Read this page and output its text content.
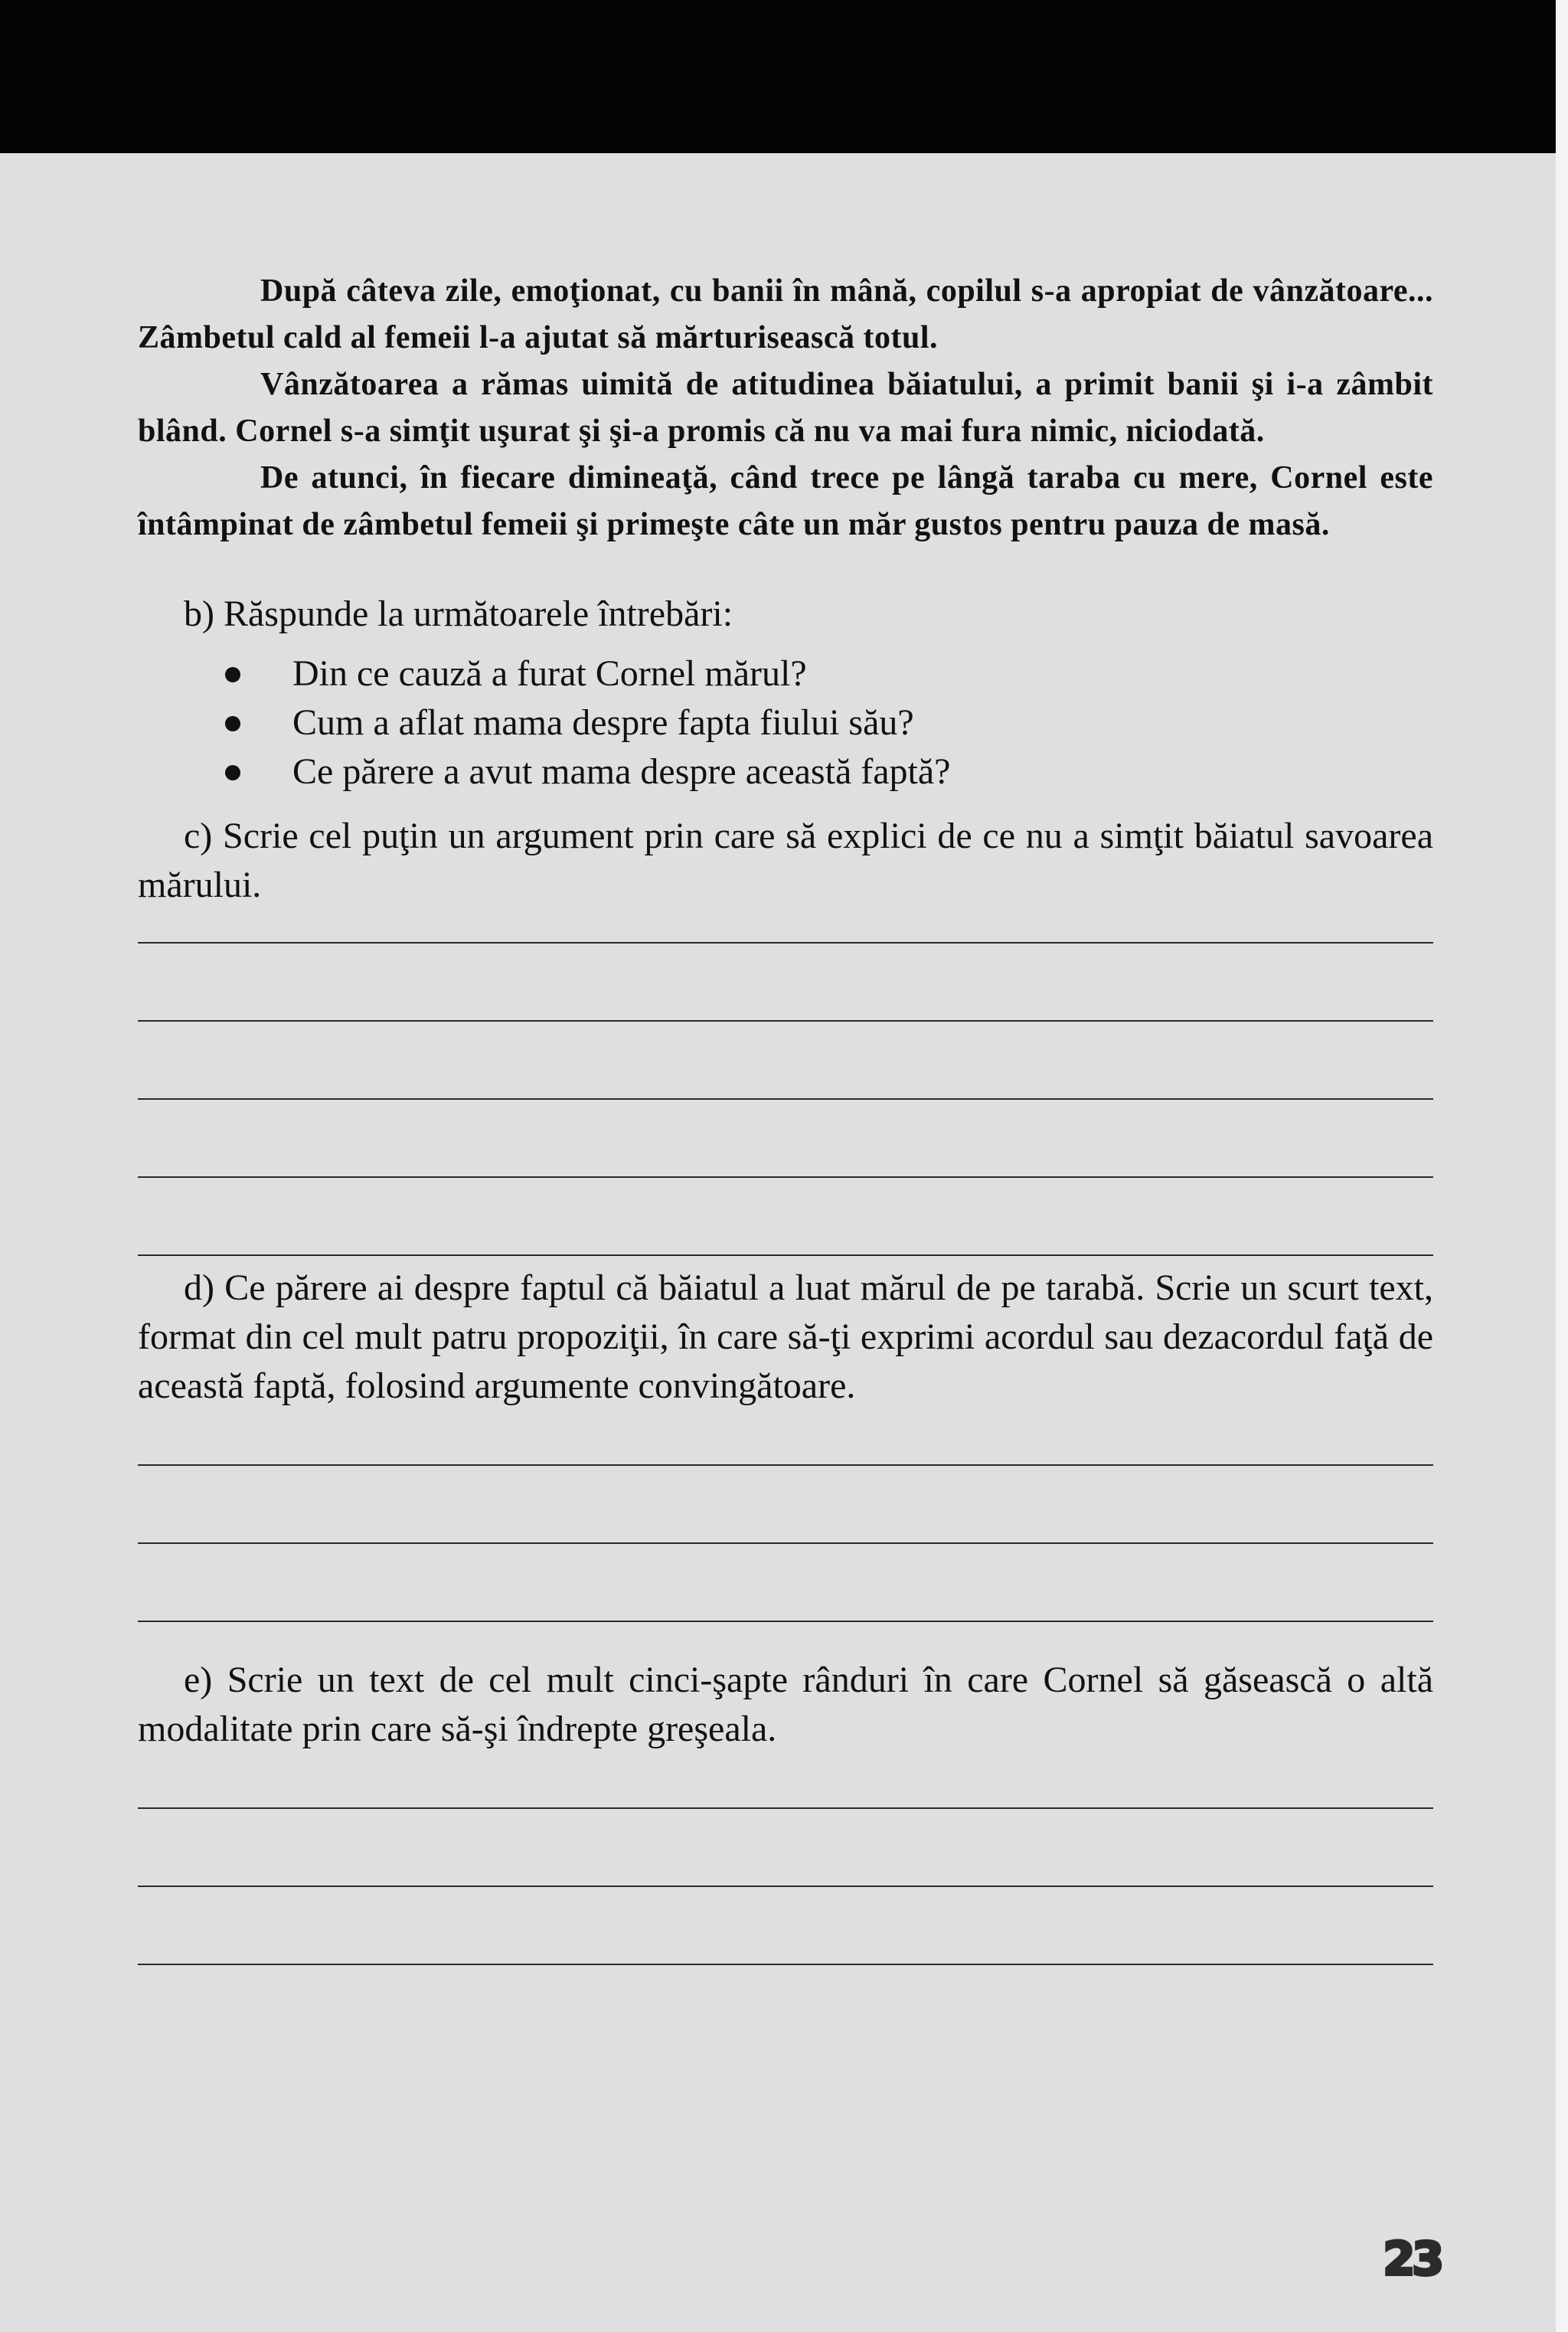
După câteva zile, emoţionat, cu banii în mână, copilul s-a apropiat de vânzătoare... Zâmbetul cald al femeii l-a ajutat să mărturisească totul.

Vânzătoarea a rămas uimită de atitudinea băiatului, a primit banii şi i-a zâmbit blând. Cornel s-a simţit uşurat şi şi-a promis că nu va mai fura nimic, niciodată.

De atunci, în fiecare dimineaţă, când trece pe lângă taraba cu mere, Cornel este întâmpinat de zâmbetul femeii şi primeşte câte un măr gustos pentru pauza de masă.

b) Răspunde la următoarele întrebări:

Din ce cauză a furat Cornel mărul?
Cum a aflat mama despre fapta fiului său?
Ce părere a avut mama despre această faptă?

c) Scrie cel puţin un argument prin care să explici de ce nu a simţit băiatul savoarea mărului.

d) Ce părere ai despre faptul că băiatul a luat mărul de pe tarabă. Scrie un scurt text, format din cel mult patru propoziţii, în care să-ţi exprimi acordul sau dezacordul faţă de această faptă, folosind argumente convingătoare.

e) Scrie un text de cel mult cinci-şapte rânduri în care Cornel să găsească o altă modalitate prin care să-şi îndrepte greşeala.

23
